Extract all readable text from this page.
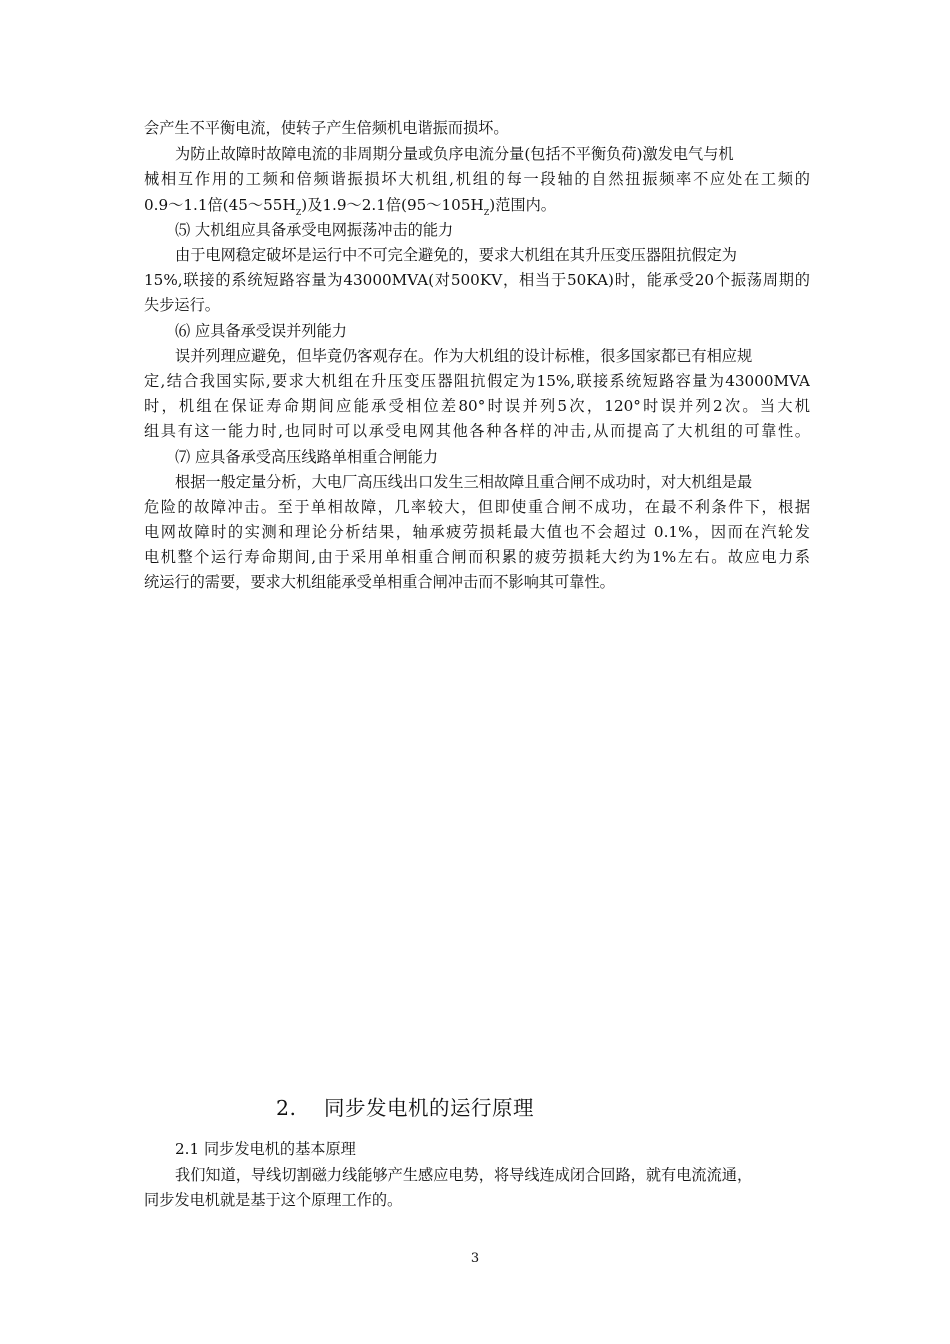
会产生不平衡电流，使转子产生倍频机电谐振而损坏。
为防止故障时故障电流的非周期分量或负序电流分量(包括不平衡负荷)激发电气与机
械相互作用的工频和倍频谐振损坏大机组,机组的每一段轴的自然扭振频率不应处在工频的
0.9～1.1倍$(45\sim 55H_Z)$及1.9～2.1倍$(95\sim 105H_Z)$范围内。
⑸ 大机组应具备承受电网振荡冲击的能力
由于电网稳定破坏是运行中不可完全避免的，要求大机组在其升压变压器阻抗假定为
15%,联接的系统短路容量为43000MVA(对500KV，相当于50KA)时，能承受20个振荡周期的
失步运行。
⑹ 应具备承受误并列能力
误并列理应避免，但毕竟仍客观存在。作为大机组的设计标椎，很多国家都已有相应规
定,结合我国实际,要求大机组在升压变压器阻抗假定为15%,联接系统短路容量为43000MVA
时，机组在保证寿命期间应能承受相位差80°时误并列5次，120°时误并列2次。当大机
组具有这一能力时,也同时可以承受电网其他各种各样的冲击,从而提高了大机组的可靠性。
⑺ 应具备承受高压线路单相重合闸能力
根据一般定量分析，大电厂高压线出口发生三相故障且重合闸不成功时，对大机组是最
危险的故障冲击。至于单相故障，几率较大，但即使重合闸不成功，在最不利条件下，根据
电网故障时的实测和理论分析结果，轴承疲劳损耗最大值也不会超过 0.1%，因而在汽轮发
电机整个运行寿命期间,由于采用单相重合闸而积累的疲劳损耗大约为1%左右。故应电力系
统运行的需要，要求大机组能承受单相重合闸冲击而不影响其可靠性。
2. 同步发电机的运行原理
2.1 同步发电机的基本原理
我们知道，导线切割磁力线能够产生感应电势，将导线连成闭合回路，就有电流流通，
同步发电机就是基于这个原理工作的。
3
